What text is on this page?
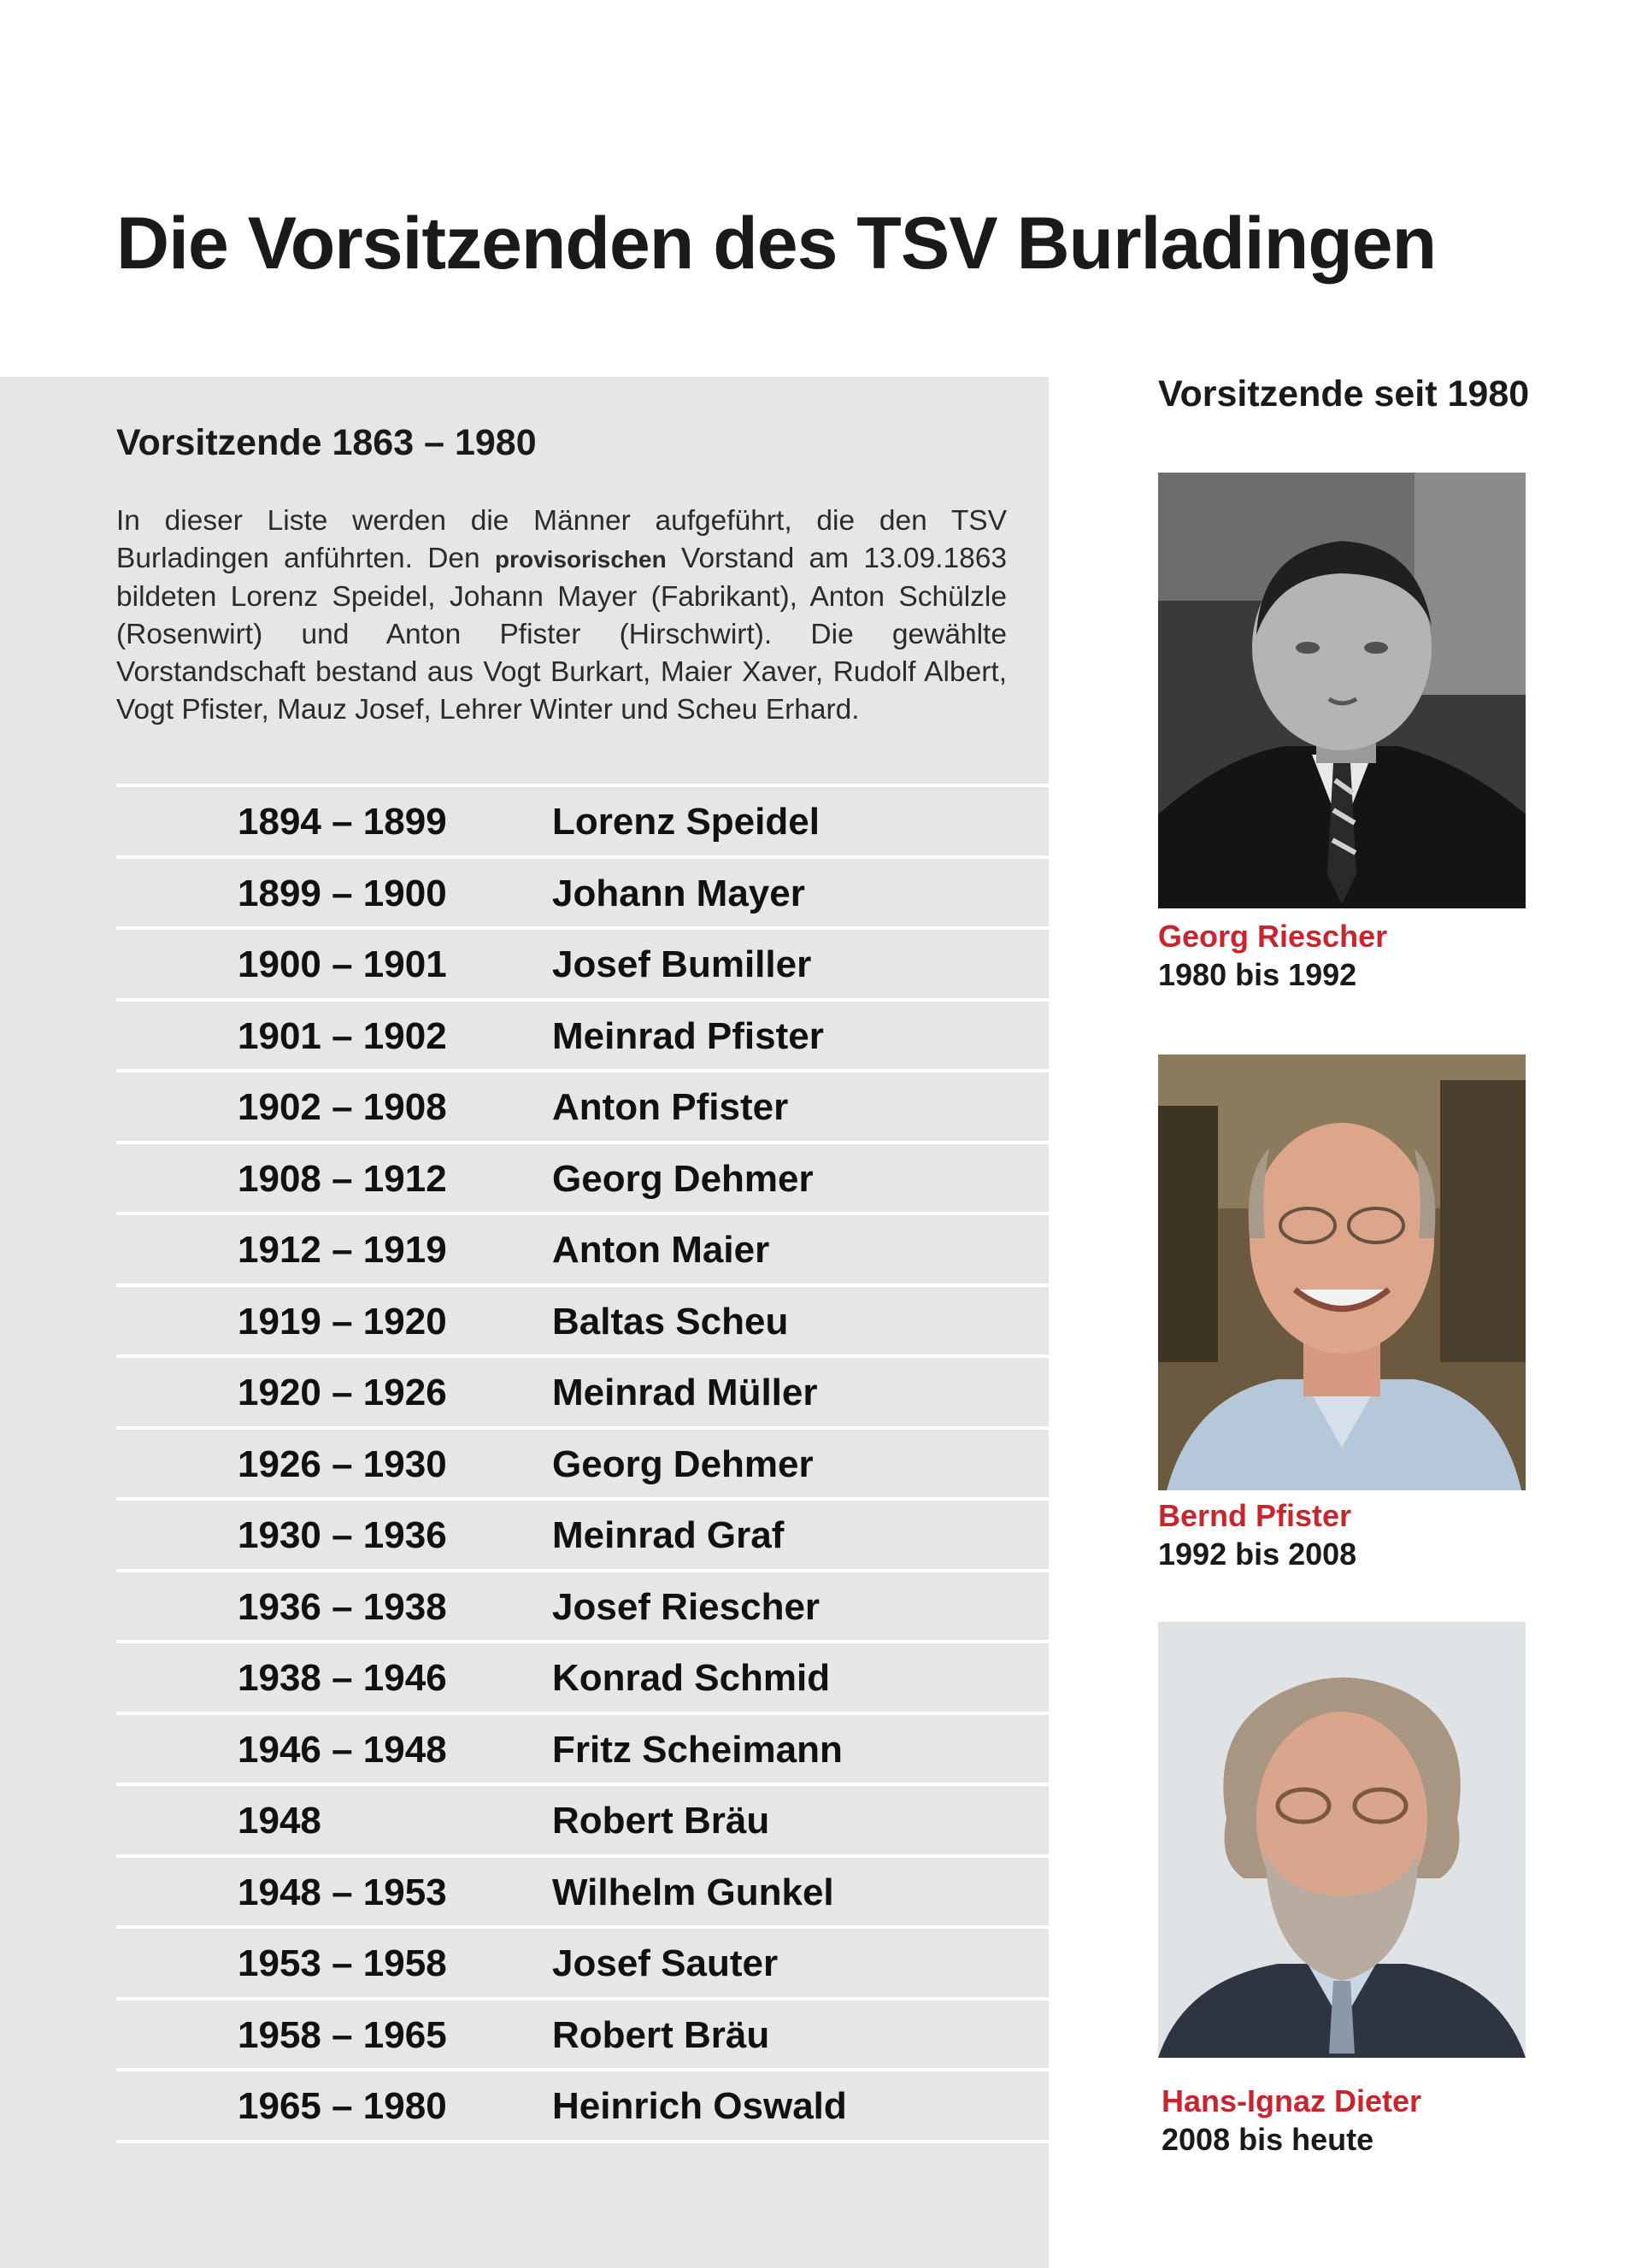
Die Vorsitzenden des TSV Burladingen
Vorsitzende 1863 – 1980

In dieser Liste werden die Männer aufgeführt, die den TSV Burladingen anführten. Den provisorischen Vorstand am 13.09.1863 bildeten Lorenz Speidel, Johann Mayer (Fabrikant), Anton Schülzle (Rosenwirt) und Anton Pfister (Hirschwirt). Die gewählte Vorstandschaft bestand aus Vogt Burkart, Maier Xaver, Rudolf Albert, Vogt Pfister, Mauz Josef, Lehrer Winter und Scheu Erhard.

1894 – 1899	Lorenz Speidel
1899 – 1900	Johann Mayer
1900 – 1901	Josef Bumiller
1901 – 1902	Meinrad Pfister
1902 – 1908	Anton Pfister
1908 – 1912	Georg Dehmer
1912 – 1919	Anton Maier
1919 – 1920	Baltas Scheu
1920 – 1926	Meinrad Müller
1926 – 1930	Georg Dehmer
1930 – 1936	Meinrad Graf
1936 – 1938	Josef Riescher
1938 – 1946	Konrad Schmid
1946 – 1948	Fritz Scheimann
1948	Robert Bräu
1948 – 1953	Wilhelm Gunkel
1953 – 1958	Josef Sauter
1958 – 1965	Robert Bräu
1965 – 1980	Heinrich Oswald
Vorsitzende seit 1980
Georg Riescher
1980 bis 1992
Bernd Pfister
1992 bis 2008
Hans-Ignaz Dieter
2008 bis heute
